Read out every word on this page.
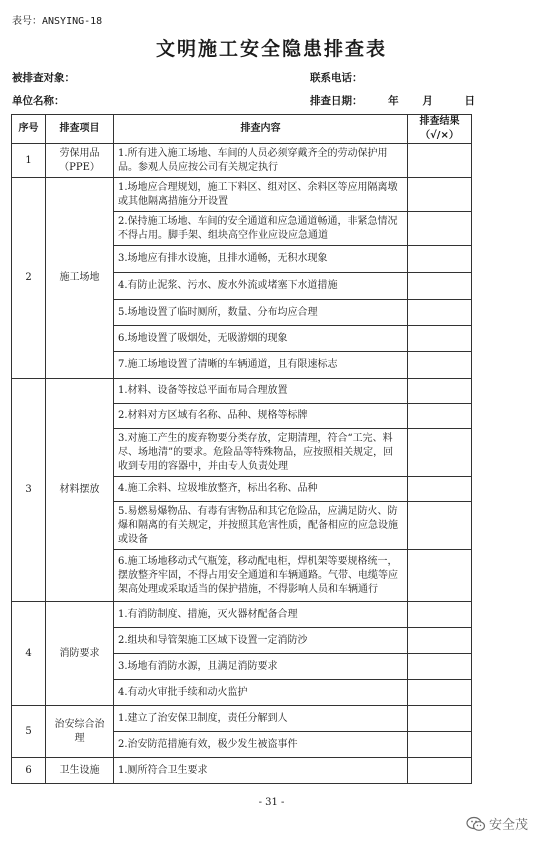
表号：ANSYING-18
文明施工安全隐患排查表
被排查对象：	联系电话：
单位名称：	排查日期： 年 月	日
序号	排查项目	排查内容	排查结果（√/×）
1	劳保用品（PPE）	1.所有进入施工场地、车间的人员必须穿戴齐全的劳动保护用品。参观人员应按公司有关规定执行	
2	施工场地	1.场地应合理规划，施工下料区、组对区、余料区等应用隔离墩或其他隔离措施分开设置	
		2.保持施工场地、车间的安全通道和应急通道畅通，非紧急情况不得占用。脚手架、组块高空作业应设应急通道	
		3.场地应有排水设施，且排水通畅，无积水现象	
		4.有防止泥浆、污水、废水外流或堵塞下水道措施	
		5.场地设置了临时厕所，数量、分布均应合理	
		6.场地设置了吸烟处，无吸游烟的现象	
		7.施工场地设置了清晰的车辆通道，且有限速标志	
3	材料摆放	1.材料、设备等按总平面布局合理放置	
		2.材料对方区域有名称、品种、规格等标牌	
		3.对施工产生的废弃物要分类存放，定期清理，符合“工完、料尽、场地清”的要求。危险品等特殊物品，应按照相关规定，回收到专用的容器中，并由专人负责处理	
		4.施工余料、垃圾堆放整齐，标出名称、品种	
		5.易燃易爆物品、有毒有害物品和其它危险品，应满足防火、防爆和隔离的有关规定，并按照其危害性质，配备相应的应急设施或设备	
		6.施工场地移动式气瓶笼，移动配电柜，焊机架等要规格统一，摆放整齐牢固，不得占用安全通道和车辆通路。气带、电缆等应架高处理或采取适当的保护措施，不得影响人员和车辆通行	
4	消防要求	1.有消防制度、措施，灭火器材配备合理	
		2.组块和导管架施工区域下设置一定消防沙	
		3.场地有消防水源，且满足消防要求	
		4.有动火审批手续和动火监护	
5	治安综合治理	1.建立了治安保卫制度，责任分解到人	
		2.治安防范措施有效，极少发生被盗事件	
6	卫生设施	1.厕所符合卫生要求	
- 31 -
安全茂
